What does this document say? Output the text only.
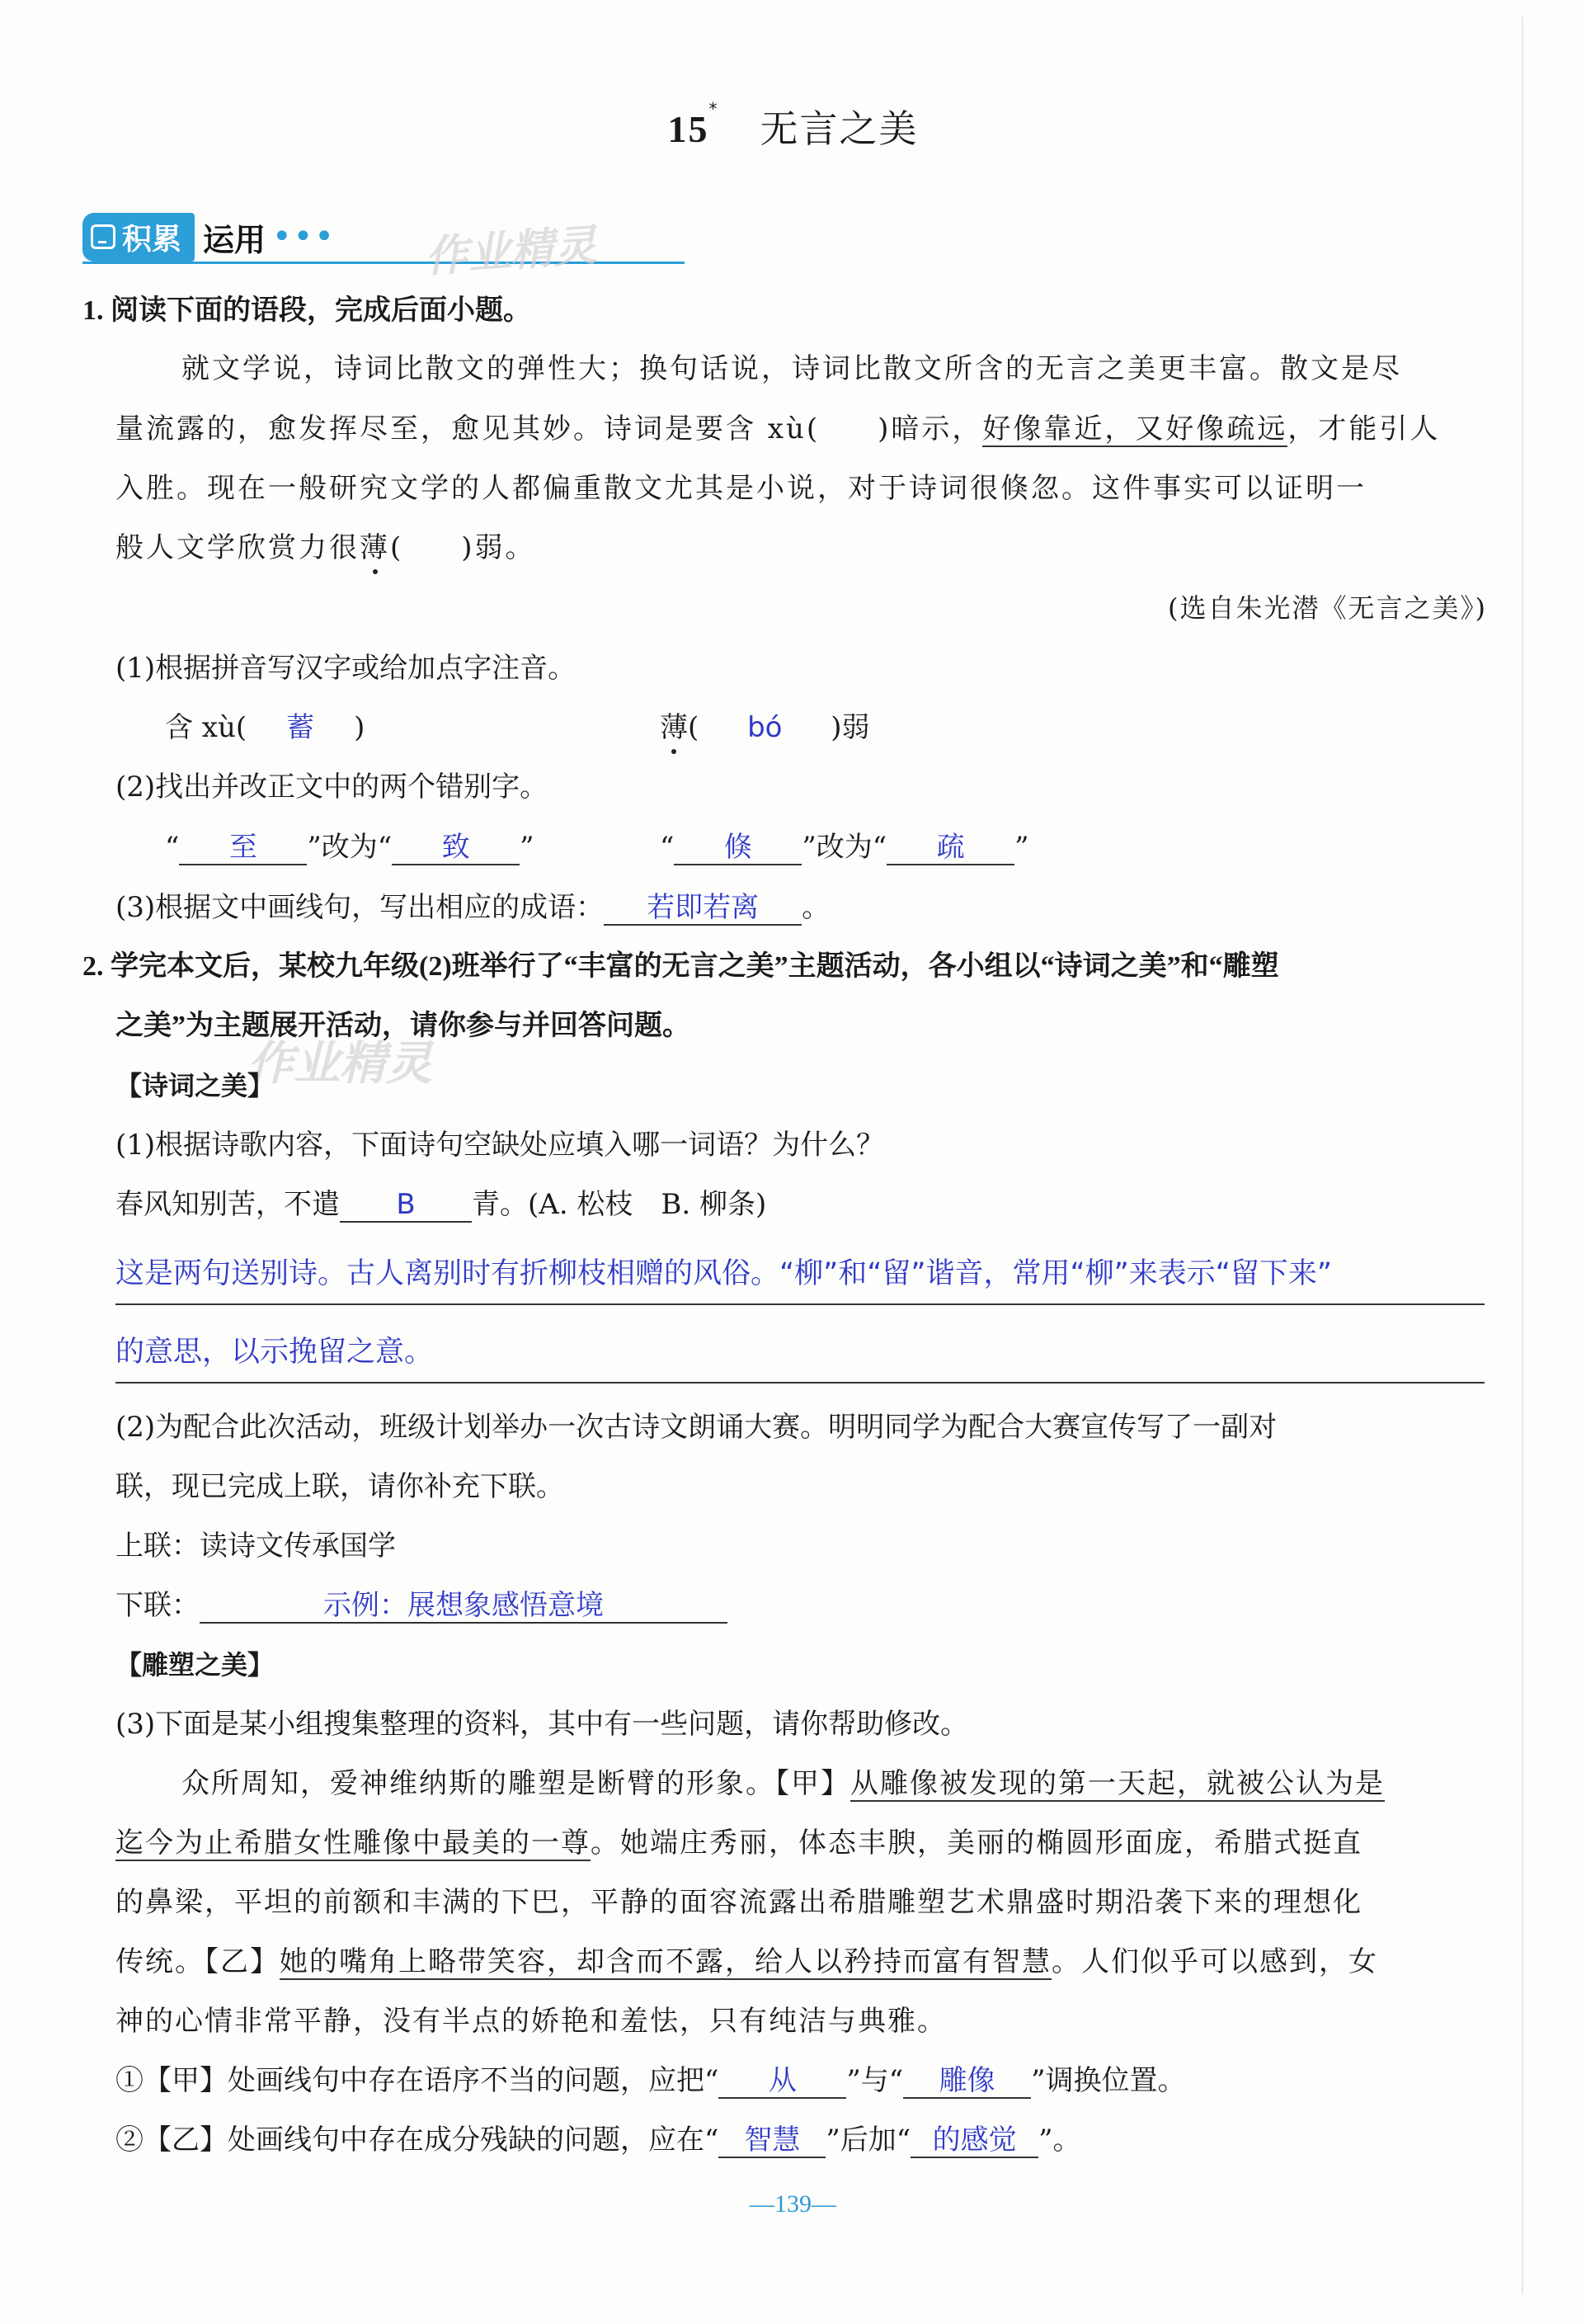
15* 无言之美
积累 运用 ••• 作业精灵
作业精灵
1. 阅读下面的语段，完成后面小题。
就文学说，诗词比散文的弹性大；换句话说，诗词比散文所含的无言之美更丰富。散文是尽
量流露的，愈发挥尽至，愈见其妙。诗词是要含 xù( )暗示，好像靠近，又好像疏远，才能引人
入胜。现在一般研究文学的人都偏重散文尤其是小说，对于诗词很倏忽。这件事实可以证明一
般人文学欣赏力很薄( )弱。
(选自朱光潜《无言之美》)
(1)根据拼音写汉字或给加点字注音。
含 xù( 蓄 )	薄( bó )弱
(2)找出并改正文中的两个错别字。
“ 至 ”改为“ 致 ”	“ 倏 ”改为“ 疏 ”
(3)根据文中画线句，写出相应的成语： 若即若离 。
2. 学完本文后，某校九年级(2)班举行了“丰富的无言之美”主题活动，各小组以“诗词之美”和“雕塑
之美”为主题展开活动，请你参与并回答问题。
【诗词之美】
(1)根据诗歌内容，下面诗句空缺处应填入哪一词语？为什么？
春风知别苦，不遣 B 青。(A. 松枝　B. 柳条)
这是两句送别诗。古人离别时有折柳枝相赠的风俗。“柳”和“留”谐音，常用“柳”来表示“留下来”
的意思，以示挽留之意。
(2)为配合此次活动，班级计划举办一次古诗文朗诵大赛。明明同学为配合大赛宣传写了一副对
联，现已完成上联，请你补充下联。
上联：读诗文传承国学
下联：	示例：展想象感悟意境
【雕塑之美】
(3)下面是某小组搜集整理的资料，其中有一些问题，请你帮助修改。
众所周知，爱神维纳斯的雕塑是断臂的形象。【甲】从雕像被发现的第一天起，就被公认为是
迄今为止希腊女性雕像中最美的一尊。她端庄秀丽，体态丰腴，美丽的椭圆形面庞，希腊式挺直
的鼻梁，平坦的前额和丰满的下巴，平静的面容流露出希腊雕塑艺术鼎盛时期沿袭下来的理想化
传统。【乙】她的嘴角上略带笑容，却含而不露，给人以矜持而富有智慧。人们似乎可以感到，女
神的心情非常平静，没有半点的娇艳和羞怯，只有纯洁与典雅。
①【甲】处画线句中存在语序不当的问题，应把“ 从 ”与“ 雕像 ”调换位置。
②【乙】处画线句中存在成分残缺的问题，应在“ 智慧 ”后加“ 的感觉 ”。
—139—
